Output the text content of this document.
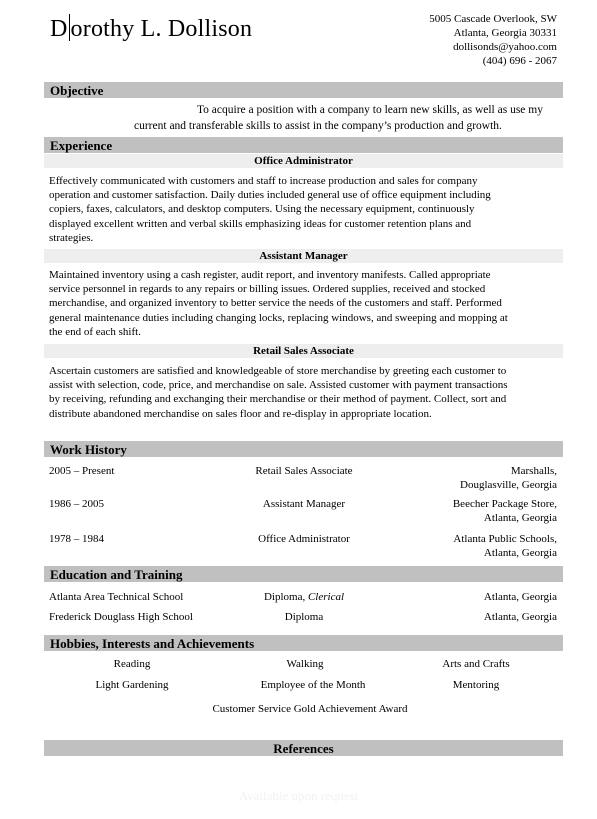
D orothy L. Dollison	5005 Cascade Overlook, SW
Atlanta, Georgia 30331
dollisonds@yahoo.com
(404) 696 - 2067
Objective
To acquire a position with a company to learn new skills, as well as use my
current and transferable skills to assist in the company’s production and growth.
Experience
Office Administrator
Effectively communicated with customers and staff to increase production and sales for company
operation and customer satisfaction. Daily duties included general use of office equipment including
copiers, faxes, calculators, and desktop computers. Using the necessary equipment, continuously
displayed excellent written and verbal skills emphasizing ideas for customer retention plans and
strategies.
Assistant Manager
Maintained inventory using a cash register, audit report, and inventory manifests. Called appropriate
service personnel in regards to any repairs or billing issues. Ordered supplies, received and stocked
merchandise, and organized inventory to better service the needs of the customers and staff. Performed
general maintenance duties including changing locks, replacing windows, and sweeping and mopping at
the end of each shift.
Retail Sales Associate
Ascertain customers are satisfied and knowledgeable of store merchandise by greeting each customer to
assist with selection, code, price, and merchandise on sale. Assisted customer with payment transactions
by receiving, refunding and exchanging their merchandise or their method of payment. Collect, sort and
distribute abandoned merchandise on sales floor and re-display in appropriate location.
Work History
2005 – Present	Retail Sales Associate	Marshalls,
Douglasville, Georgia
1986 – 2005	Assistant Manager	Beecher Package Store,
Atlanta, Georgia
1978 – 1984	Office Administrator	Atlanta Public Schools,
Atlanta, Georgia
Education and Training
Atlanta Area Technical School	Diploma, Clerical	Atlanta, Georgia
Frederick Douglass High School	Diploma	Atlanta, Georgia
Hobbies, Interests and Achievements
Reading	Walking	Arts and Crafts
Light Gardening	Employee of the Month	Mentoring
Customer Service Gold Achievement Award
References
Available upon request
